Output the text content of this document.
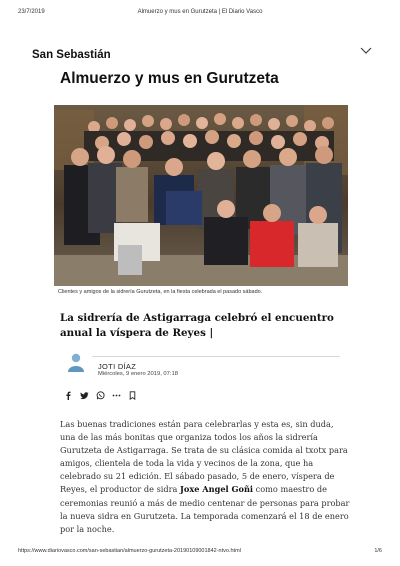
23/7/2019	Almuerzo y mus en Gurutzeta | El Diario Vasco
San Sebastián
Almuerzo y mus en Gurutzeta
Clientes y amigos de la sidrería Gurutzeta, en la fiesta celebrada el pasado sábado.
La sidrería de Astigarraga celebró el encuentro anual la víspera de Reyes |
JOTI DÍAZ
Miércoles, 9 enero 2019, 07:18
Las buenas tradiciones están para celebrarlas y esta es, sin duda, una de las más bonitas que organiza todos los años la sidrería Gurutzeta de Astigarraga. Se trata de su clásica comida al txotx para amigos, clientela de toda la vida y vecinos de la zona, que ha celebrado su 21 edición. El sábado pasado, 5 de enero, víspera de Reyes, el productor de sidra Joxe Angel Goñi como maestro de ceremonias reunió a más de medio centenar de personas para probar la nueva sidra en Gurutzeta. La temporada comenzará el 18 de enero por la noche.
https://www.diariovasco.com/san-sebastian/almuerzo-gurutzeta-20190109001842-ntvo.html	1/6
